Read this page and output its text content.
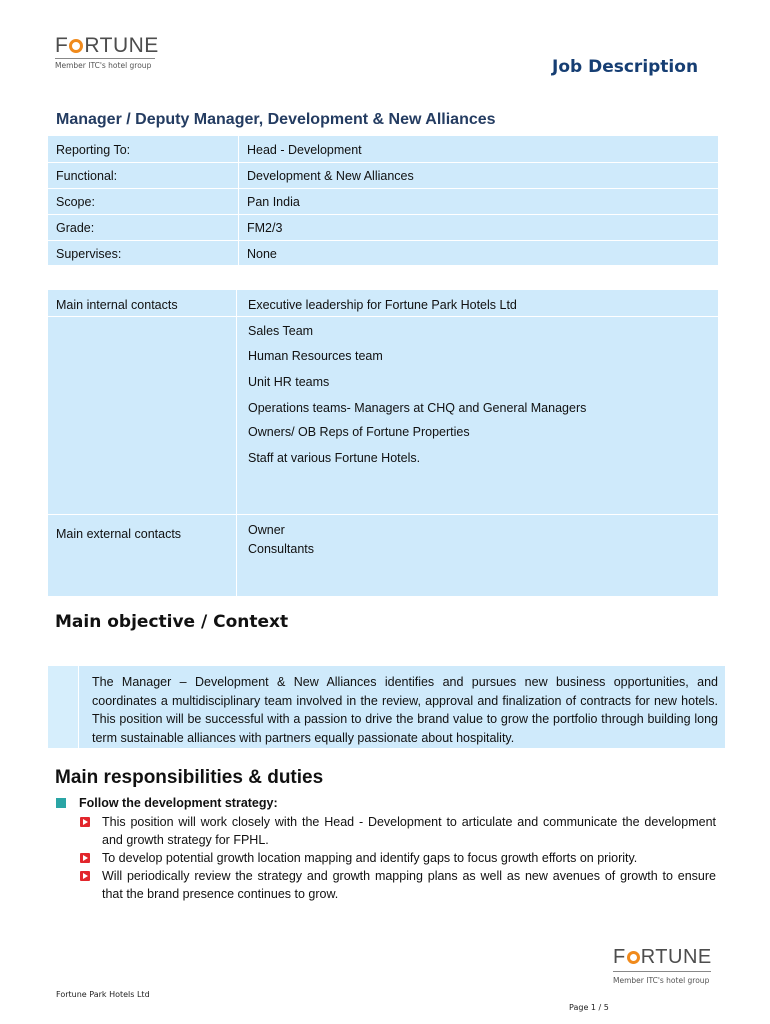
F RTUNE
Member ITC's hotel group	Job Description
Manager / Deputy Manager, Development & New Alliances
Reporting To:	Head - Development
Functional:	Development & New Alliances
Scope:	Pan India
Grade:	FM2/3
Supervises:	None
Main internal contacts	Executive leadership for Fortune Park Hotels Ltd
Sales Team
Human Resources team
Unit HR teams
Operations teams- Managers at CHQ and General Managers
Owners/ OB Reps of Fortune Properties
Staff at various Fortune Hotels.
Main external contacts	Owner
Consultants
Main objective / Context
The Manager – Development & New Alliances identifies and pursues new business opportunities, and coordinates a multidisciplinary team involved in the review, approval and finalization of contracts for new hotels. This position will be successful with a passion to drive the brand value to grow the portfolio through building long term sustainable alliances with partners equally passionate about hospitality.
Main responsibilities & duties
Follow the development strategy:
This position will work closely with the Head - Development to articulate and communicate the development and growth strategy for FPHL.
To develop potential growth location mapping and identify gaps to focus growth efforts on priority.
Will periodically review the strategy and growth mapping plans as well as new avenues of growth to ensure that the brand presence continues to grow.
F RTUNE
Member ITC's hotel group
Fortune Park Hotels Ltd
Page 1 / 5
